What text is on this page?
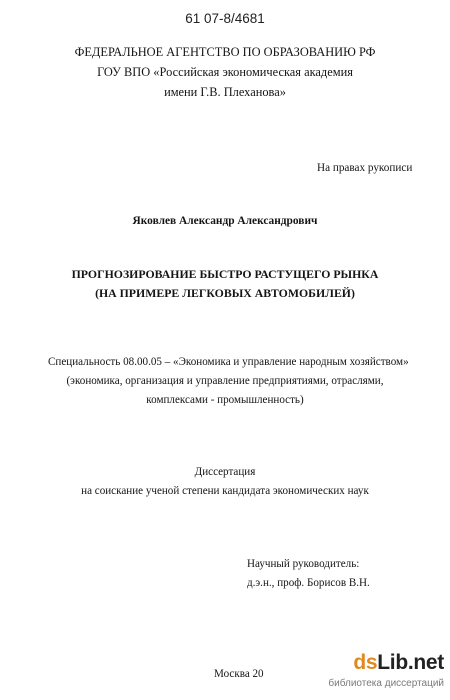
61 07-8/4681
ФЕДЕРАЛЬНОЕ АГЕНТСТВО ПО ОБРАЗОВАНИЮ РФ
ГОУ ВПО «Российская экономическая академия
имени Г.В. Плеханова»
На правах рукописи
Яковлев Александр Александрович
ПРОГНОЗИРОВАНИЕ БЫСТРО РАСТУЩЕГО РЫНКА
(НА ПРИМЕРЕ ЛЕГКОВЫХ АВТОМОБИЛЕЙ)
Специальность 08.00.05 – «Экономика и управление народным хозяйством»
(экономика, организация и управление предприятиями, отраслями,
комплексами - промышленность)
Диссертация
на соискание ученой степени кандидата экономических наук
Научный руководитель:
д.э.н., проф. Борисов В.Н.
Москва 20	dsLib.net
библиотека диссертаций
